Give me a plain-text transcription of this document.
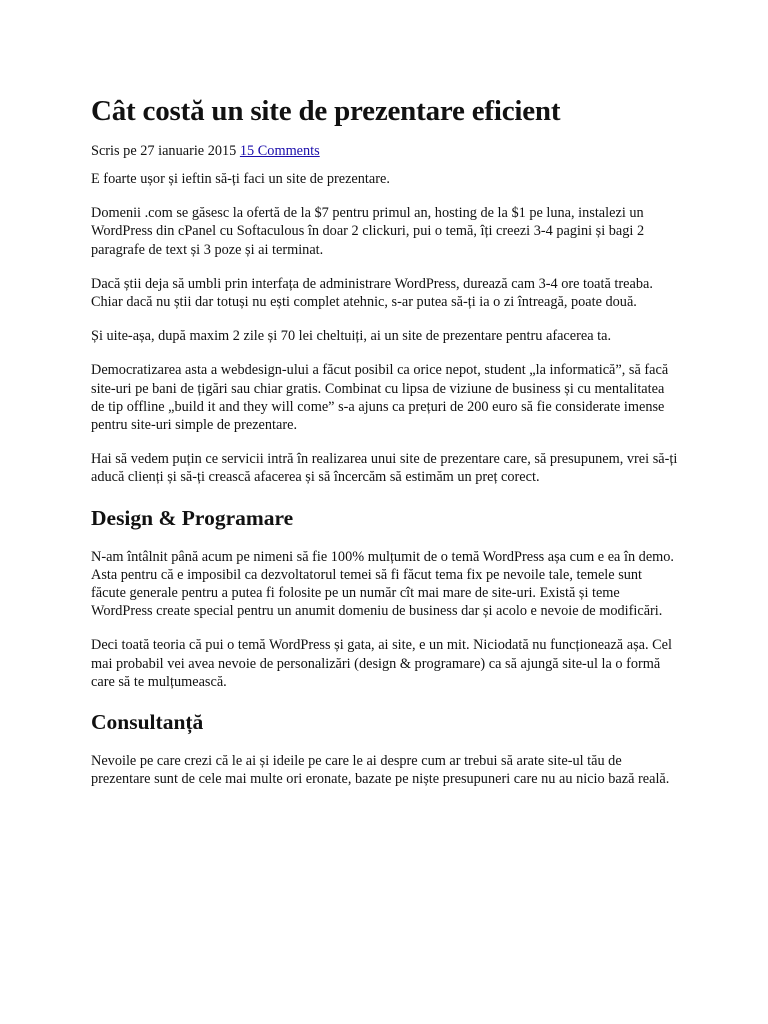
Cât costă un site de prezentare eficient
Scris pe 27 ianuarie 2015 15 Comments

E foarte ușor și ieftin să-ți faci un site de prezentare.

Domenii .com se găsesc la ofertă de la $7 pentru primul an, hosting de la $1 pe luna, instalezi un WordPress din cPanel cu Softaculous în doar 2 clickuri, pui o temă, îți creezi 3-4 pagini și bagi 2 paragrafe de text și 3 poze și ai terminat.

Dacă știi deja să umbli prin interfața de administrare WordPress, durează cam 3-4 ore toată treaba. Chiar dacă nu știi dar totuși nu ești complet atehnic, s-ar putea să-ți ia o zi întreagă, poate două.

Și uite-așa, după maxim 2 zile și 70 lei cheltuiți, ai un site de prezentare pentru afacerea ta.

Democratizarea asta a webdesign-ului a făcut posibil ca orice nepot, student „la informatică”, să facă site-uri pe bani de țigări sau chiar gratis. Combinat cu lipsa de viziune de business și cu mentalitatea de tip offline „build it and they will come” s-a ajuns ca prețuri de 200 euro să fie considerate imense pentru site-uri simple de prezentare.

Hai să vedem puțin ce servicii intră în realizarea unui site de prezentare care, să presupunem, vrei să-ți aducă clienți și să-ți crească afacerea și să încercăm să estimăm un preț corect.

Design & Programare

N-am întâlnit până acum pe nimeni să fie 100% mulțumit de o temă WordPress așa cum e ea în demo. Asta pentru că e imposibil ca dezvoltatorul temei să fi făcut tema fix pe nevoile tale, temele sunt făcute generale pentru a putea fi folosite pe un număr cît mai mare de site-uri. Există și teme WordPress create special pentru un anumit domeniu de business dar și acolo e nevoie de modificări.

Deci toată teoria că pui o temă WordPress și gata, ai site, e un mit. Niciodată nu funcționează așa. Cel mai probabil vei avea nevoie de personalizări (design & programare) ca să ajungă site-ul la o formă care să te mulțumească.

Consultanță

Nevoile pe care crezi că le ai și ideile pe care le ai despre cum ar trebui să arate site-ul tău de prezentare sunt de cele mai multe ori eronate, bazate pe niște presupuneri care nu au nicio bază reală.
